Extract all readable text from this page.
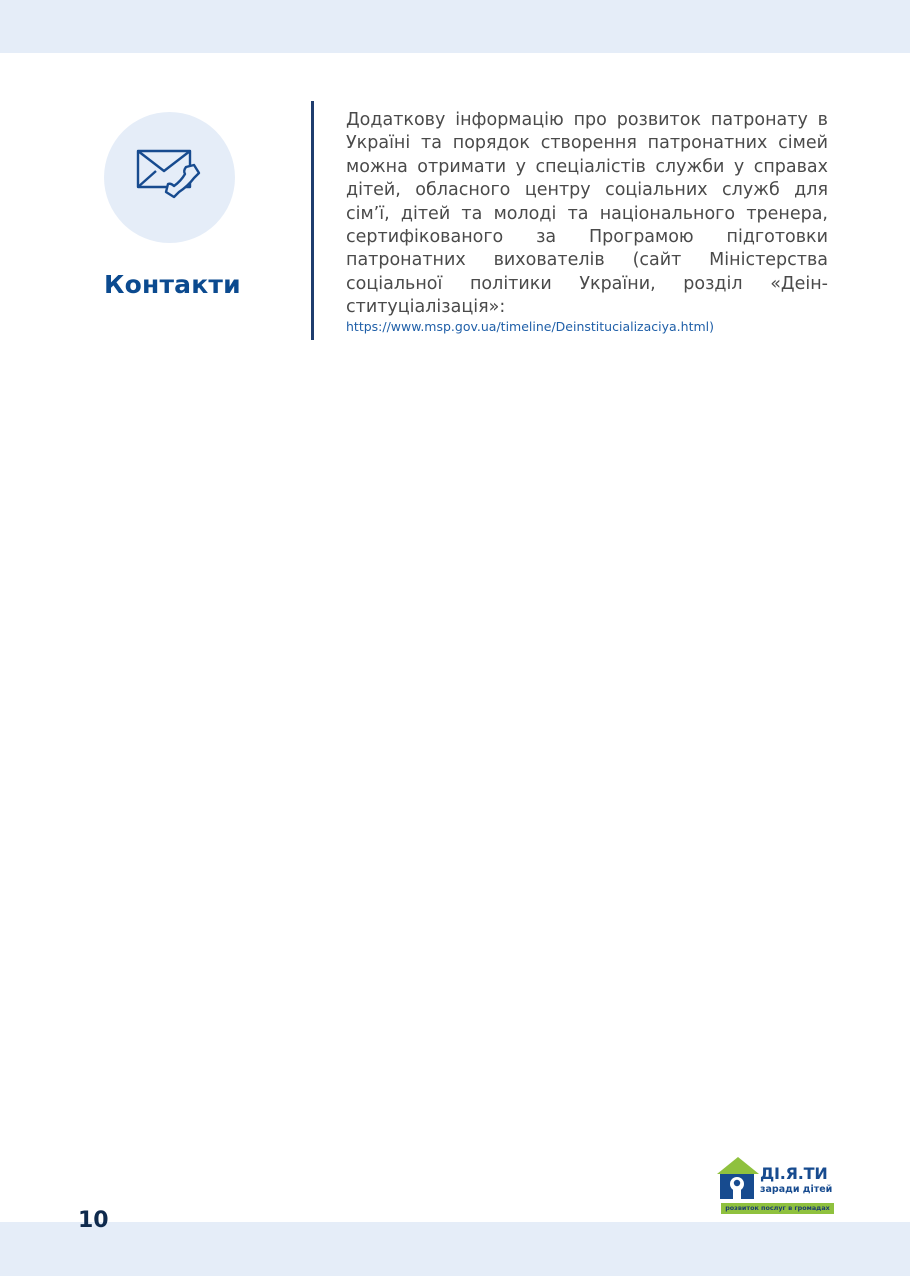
Контакти

Додаткову інформацію про розвиток патронату в Україні та порядок створення патронатних сімей можна отримати у спеціалістів служби у справах дітей, обласного центру соціальних служб для сім’ї, дітей та молоді та національного тренера, сертифікованого за Програмою підготовки патронатних вихователів (сайт Міністерства соціальної політики України, розділ «Деінституціалізація»:

https://www.msp.gov.ua/timeline/Deinstitucializaciya.html)
10
ДІ.Я.ТИ
заради дітей
розвиток послуг в громадах
